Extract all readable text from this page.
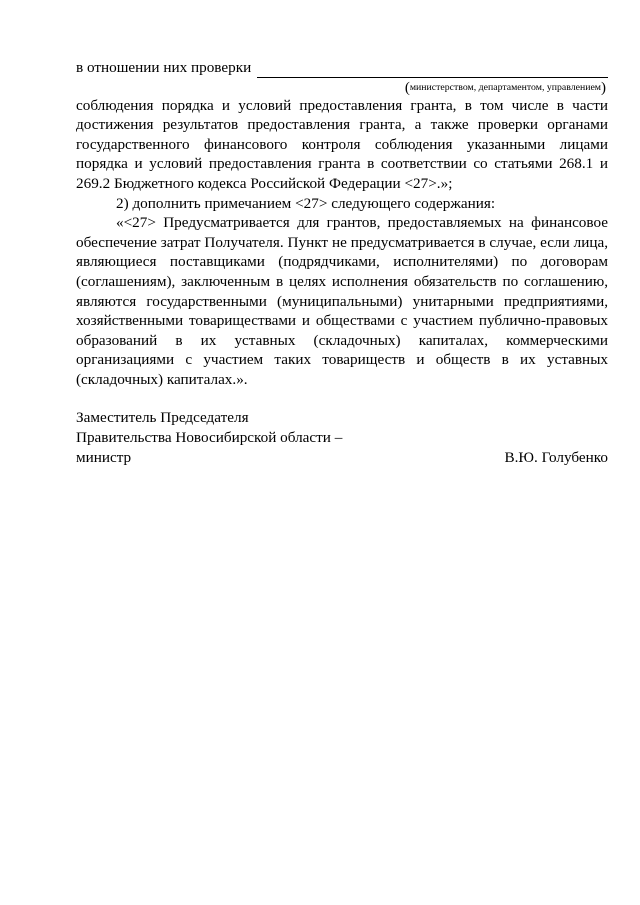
в отношении них проверки
(министерством, департаментом, управлением)

соблюдения порядка и условий предоставления гранта, в том числе в части достижения результатов предоставления гранта, а также проверки органами государственного финансового контроля соблюдения указанными лицами порядка и условий предоставления гранта в соответствии со статьями 268.1 и 269.2 Бюджетного кодекса Российской Федерации <27>.»;

2) дополнить примечанием <27> следующего содержания:

«<27> Предусматривается для грантов, предоставляемых на финансовое обеспечение затрат Получателя. Пункт не предусматривается в случае, если лица, являющиеся поставщиками (подрядчиками, исполнителями) по договорам (соглашениям), заключенным в целях исполнения обязательств по соглашению, являются государственными (муниципальными) унитарными предприятиями, хозяйственными товариществами и обществами с участием публично-правовых образований в их уставных (складочных) капиталах, коммерческими организациями с участием таких товариществ и обществ в их уставных (складочных) капиталах.».

Заместитель Председателя
Правительства Новосибирской области –
министр	В.Ю. Голубенко
